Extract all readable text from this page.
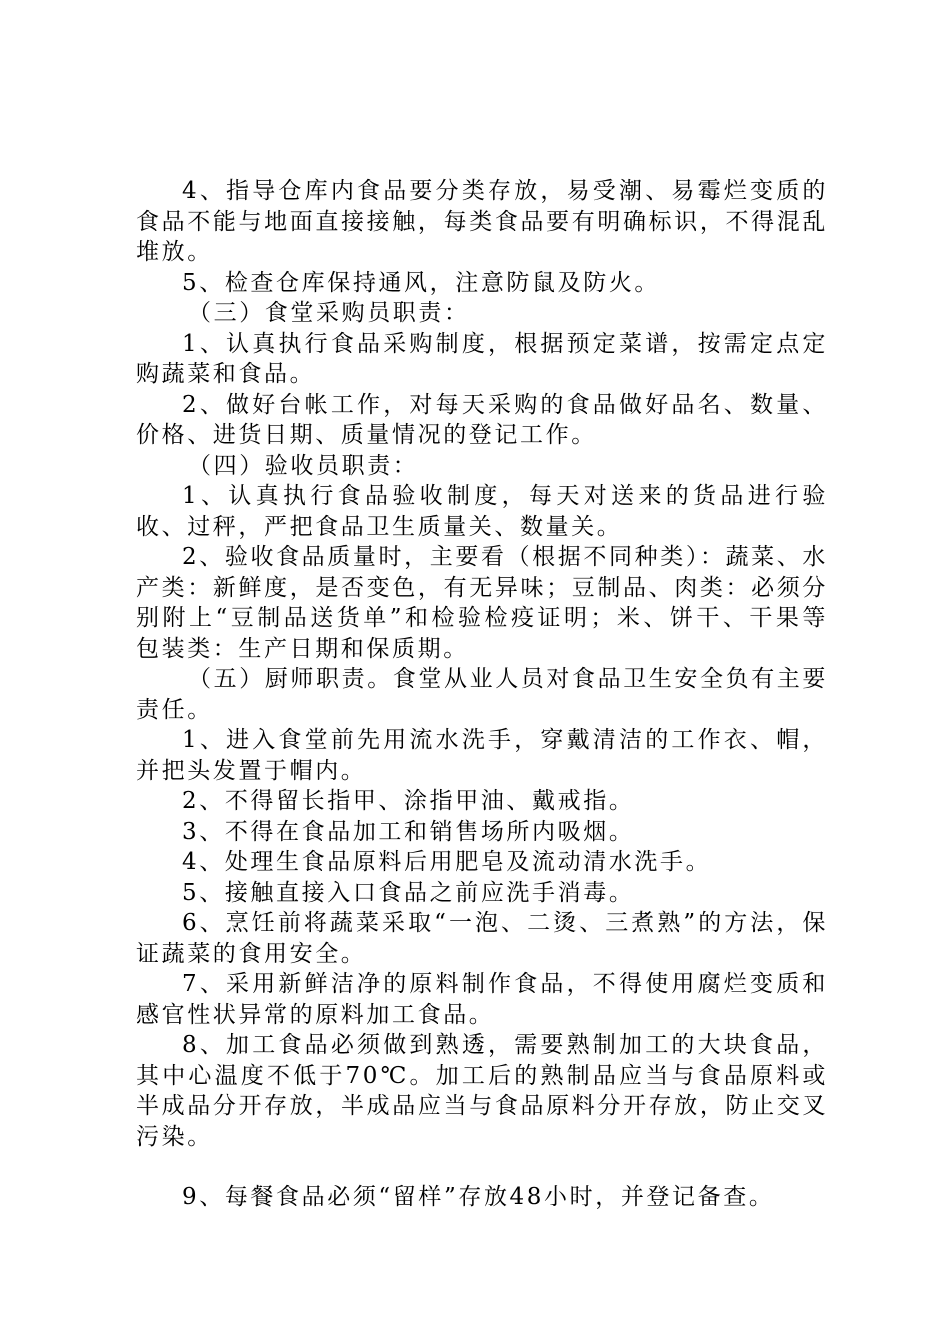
4、指导仓库内食品要分类存放，易受潮、易霉烂变质的食品不能与地面直接接触，每类食品要有明确标识，不得混乱堆放。

5、检查仓库保持通风，注意防鼠及防火。

（三）食堂采购员职责：

1、认真执行食品采购制度，根据预定菜谱，按需定点定购蔬菜和食品。

2、做好台帐工作，对每天采购的食品做好品名、数量、价格、进货日期、质量情况的登记工作。

（四）验收员职责：

1、认真执行食品验收制度，每天对送来的货品进行验收、过秤，严把食品卫生质量关、数量关。

2、验收食品质量时，主要看（根据不同种类）：蔬菜、水产类：新鲜度，是否变色，有无异味；豆制品、肉类：必须分别附上“豆制品送货单”和检验检疫证明；米、饼干、干果等包装类：生产日期和保质期。

（五）厨师职责。食堂从业人员对食品卫生安全负有主要责任。

1、进入食堂前先用流水洗手，穿戴清洁的工作衣、帽，并把头发置于帽内。

2、不得留长指甲、涂指甲油、戴戒指。

3、不得在食品加工和销售场所内吸烟。

4、处理生食品原料后用肥皂及流动清水洗手。

5、接触直接入口食品之前应洗手消毒。

6、烹饪前将蔬菜采取“一泡、二烫、三煮熟”的方法，保证蔬菜的食用安全。

7、采用新鲜洁净的原料制作食品，不得使用腐烂变质和感官性状异常的原料加工食品。

8、加工食品必须做到熟透，需要熟制加工的大块食品，其中心温度不低于70℃。加工后的熟制品应当与食品原料或半成品分开存放，半成品应当与食品原料分开存放，防止交叉污染。

9、每餐食品必须“留样”存放48小时，并登记备查。
